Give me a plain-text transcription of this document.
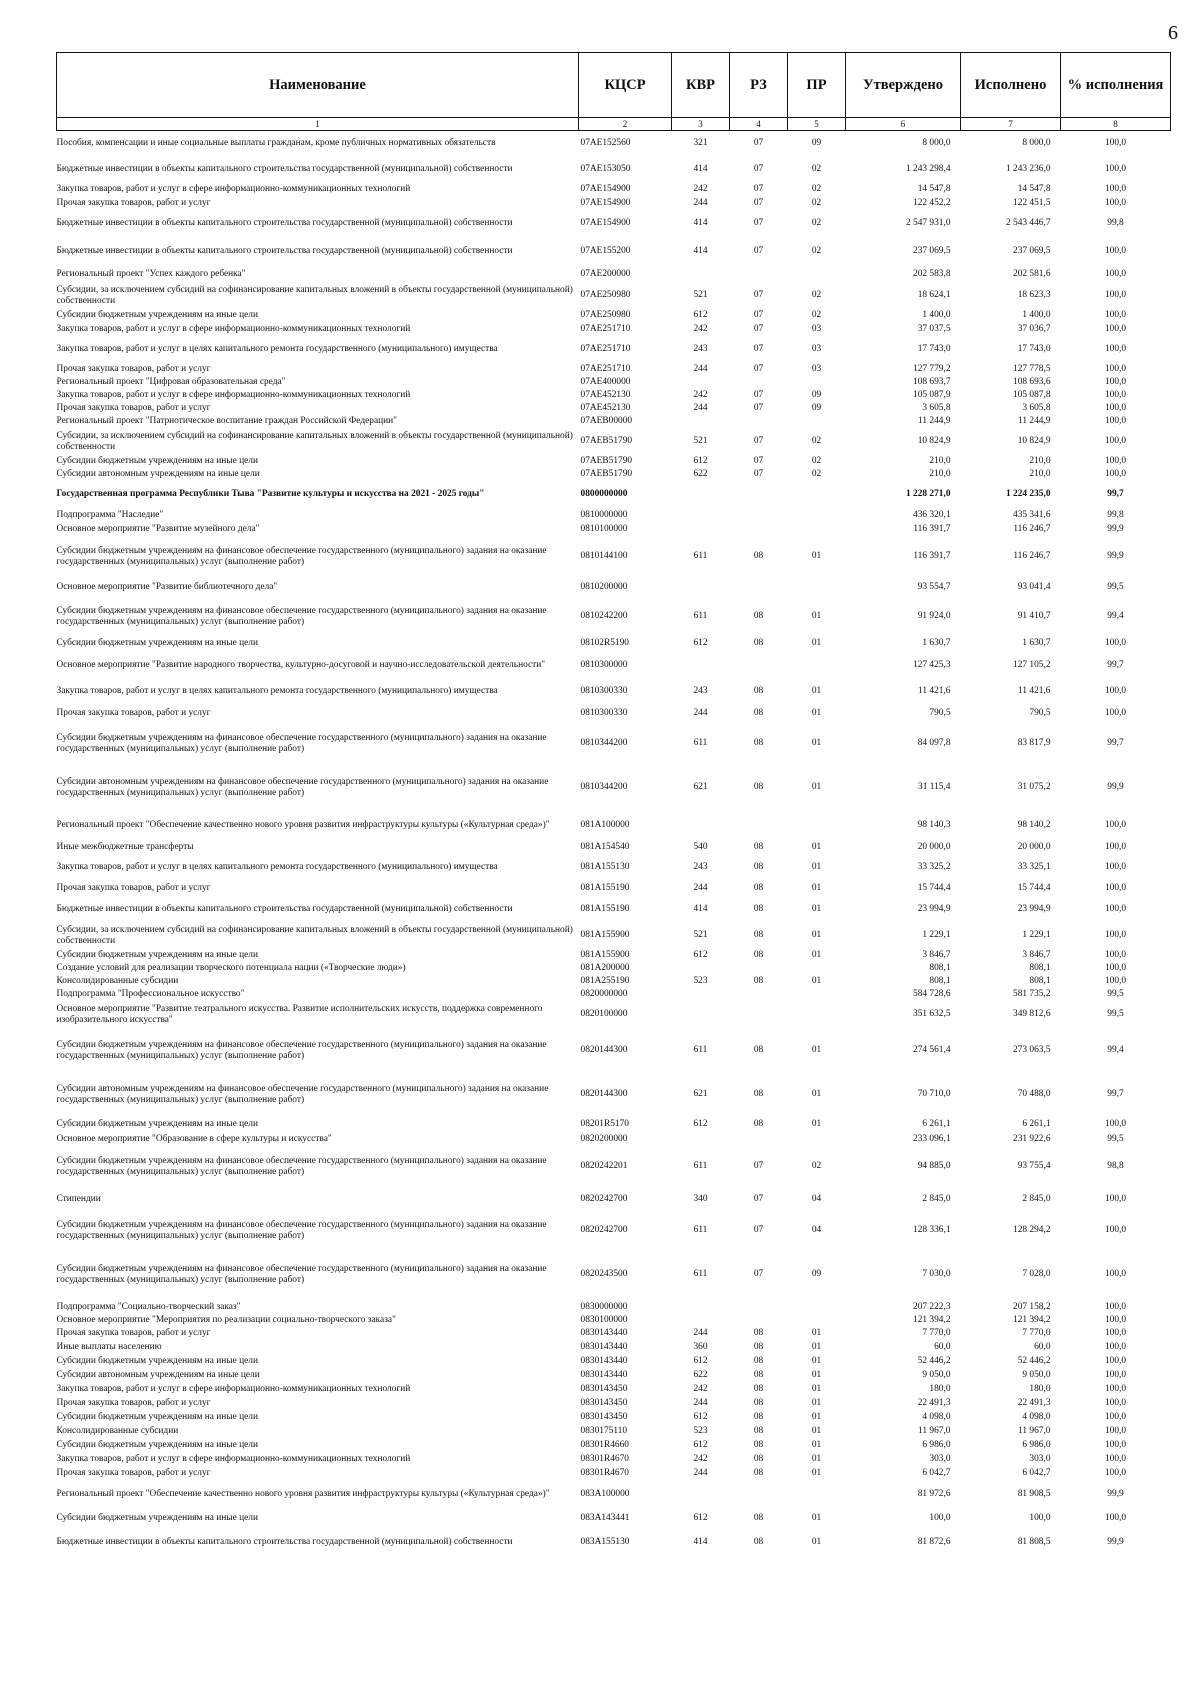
6
Наименование	КЦСР	КВР	РЗ	ПР	Утверждено	Исполнено	% исполнения
1	2	3	4	5	6	7	8
Пособия, компенсации и иные социальные выплаты гражданам, кроме публичных нормативных обязательств	07АЕ152560	321	07	09	8 000,0	8 000,0	100,0
Бюджетные инвестиции в объекты капитального строительства государственной (муниципальной) собственности	07АЕ153050	414	07	02	1 243 298,4	1 243 236,0	100,0
Закупка товаров, работ и услуг в сфере информационно-коммуникационных технологий	07АЕ154900	242	07	02	14 547,8	14 547,8	100,0
Прочая закупка товаров, работ и услуг	07АЕ154900	244	07	02	122 452,2	122 451,5	100,0
Бюджетные инвестиции в объекты капитального строительства государственной (муниципальной) собственности	07АЕ154900	414	07	02	2 547 931,0	2 543 446,7	99,8
Бюджетные инвестиции в объекты капитального строительства государственной (муниципальной) собственности	07АЕ155200	414	07	02	237 069,5	237 069,5	100,0
Региональный проект "Успех каждого ребенка"	07АЕ200000				202 583,8	202 581,6	100,0
Субсидии, за исключением субсидий на софинансирование капитальных вложений в объекты государственной (муниципальной) собственности	07АЕ250980	521	07	02	18 624,1	18 623,3	100,0
Субсидии бюджетным учреждениям на иные цели	07АЕ250980	612	07	02	1 400,0	1 400,0	100,0
Закупка товаров, работ и услуг в сфере информационно-коммуникационных технологий	07АЕ251710	242	07	03	37 037,5	37 036,7	100,0
Закупка товаров, работ и услуг в целях капитального ремонта государственного (муниципального) имущества	07АЕ251710	243	07	03	17 743,0	17 743,0	100,0
Прочая закупка товаров, работ и услуг	07АЕ251710	244	07	03	127 779,2	127 778,5	100,0
Региональный проект "Цифровая образовательная среда"	07АЕ400000				108 693,7	108 693,6	100,0
Закупка товаров, работ и услуг в сфере информационно-коммуникационных технологий	07АЕ452130	242	07	09	105 087,9	105 087,8	100,0
Прочая закупка товаров, работ и услуг	07АЕ452130	244	07	09	3 605,8	3 605,8	100,0
Региональный проект "Патриотическое воспитание граждан Российской Федерации"	07АЕВ00000				11 244,9	11 244,9	100,0
Субсидии, за исключением субсидий на софинансирование капитальных вложений в объекты государственной (муниципальной) собственности	07АЕВ51790	521	07	02	10 824,9	10 824,9	100,0
Субсидии бюджетным учреждениям на иные цели	07АЕВ51790	612	07	02	210,0	210,0	100,0
Субсидии автономным учреждениям на иные цели	07АЕВ51790	622	07	02	210,0	210,0	100,0
Государственная программа Республики Тыва "Развитие культуры и искусства на 2021 - 2025 годы"	0800000000				1 228 271,0	1 224 235,0	99,7
Подпрограмма "Наследие"	0810000000				436 320,1	435 341,6	99,8
Основное мероприятие "Развитие музейного дела"	0810100000				116 391,7	116 246,7	99,9
Субсидии бюджетным учреждениям на финансовое обеспечение государственного (муниципального) задания на оказание государственных (муниципальных) услуг (выполнение работ)	0810144100	611	08	01	116 391,7	116 246,7	99,9
Основное мероприятие "Развитие библиотечного дела"	0810200000				93 554,7	93 041,4	99,5
Субсидии бюджетным учреждениям на финансовое обеспечение государственного (муниципального) задания на оказание государственных (муниципальных) услуг (выполнение работ)	0810242200	611	08	01	91 924,0	91 410,7	99,4
Субсидии бюджетным учреждениям на иные цели	08102R5190	612	08	01	1 630,7	1 630,7	100,0
Основное мероприятие "Развитие народного творчества, культурно-досуговой и научно-исследовательской деятельности"	0810300000				127 425,3	127 105,2	99,7
Закупка товаров, работ и услуг в целях капитального ремонта государственного (муниципального) имущества	0810300330	243	08	01	11 421,6	11 421,6	100,0
Прочая закупка товаров, работ и услуг	0810300330	244	08	01	790,5	790,5	100,0
Субсидии бюджетным учреждениям на финансовое обеспечение государственного (муниципального) задания на оказание государственных (муниципальных) услуг (выполнение работ)	0810344200	611	08	01	84 097,8	83 817,9	99,7
Субсидии автономным учреждениям на финансовое обеспечение государственного (муниципального) задания на оказание государственных (муниципальных) услуг (выполнение работ)	0810344200	621	08	01	31 115,4	31 075,2	99,9
Региональный проект "Обеспечение качественно нового уровня развития инфраструктуры культуры («Культурная среда»)"	081А100000				98 140,3	98 140,2	100,0
Иные межбюджетные трансферты	081А154540	540	08	01	20 000,0	20 000,0	100,0
Закупка товаров, работ и услуг в целях капитального ремонта государственного (муниципального) имущества	081А155130	243	08	01	33 325,2	33 325,1	100,0
Прочая закупка товаров, работ и услуг	081А155190	244	08	01	15 744,4	15 744,4	100,0
Бюджетные инвестиции в объекты капитального строительства государственной (муниципальной) собственности	081А155190	414	08	01	23 994,9	23 994,9	100,0
Субсидии, за исключением субсидий на софинансирование капитальных вложений в объекты государственной (муниципальной) собственности	081А155900	521	08	01	1 229,1	1 229,1	100,0
Субсидии бюджетным учреждениям на иные цели	081А155900	612	08	01	3 846,7	3 846,7	100,0
Создание условий для реализации творческого потенциала нации («Творческие люди»)	081А200000				808,1	808,1	100,0
Консолидированные субсидии	081А255190	523	08	01	808,1	808,1	100,0
Подпрограмма "Профессиональное искусство"	0820000000				584 728,6	581 735,2	99,5
Основное мероприятие "Развитие театрального искусства. Развитие исполнительских искусств, поддержка современного изобразительного искусства"	0820100000				351 632,5	349 812,6	99,5
Субсидии бюджетным учреждениям на финансовое обеспечение государственного (муниципального) задания на оказание государственных (муниципальных) услуг (выполнение работ)	0820144300	611	08	01	274 561,4	273 063,5	99,4
Субсидии автономным учреждениям на финансовое обеспечение государственного (муниципального) задания на оказание государственных (муниципальных) услуг (выполнение работ)	0820144300	621	08	01	70 710,0	70 488,0	99,7
Субсидии бюджетным учреждениям на иные цели	08201R5170	612	08	01	6 261,1	6 261,1	100,0
Основное мероприятие "Образование в сфере культуры и искусства"	0820200000				233 096,1	231 922,6	99,5
Субсидии бюджетным учреждениям на финансовое обеспечение государственного (муниципального) задания на оказание государственных (муниципальных) услуг (выполнение работ)	0820242201	611	07	02	94 885,0	93 755,4	98,8
Стипендии	0820242700	340	07	04	2 845,0	2 845,0	100,0
Субсидии бюджетным учреждениям на финансовое обеспечение государственного (муниципального) задания на оказание государственных (муниципальных) услуг (выполнение работ)	0820242700	611	07	04	128 336,1	128 294,2	100,0
Субсидии бюджетным учреждениям на финансовое обеспечение государственного (муниципального) задания на оказание государственных (муниципальных) услуг (выполнение работ)	0820243500	611	07	09	7 030,0	7 028,0	100,0
Подпрограмма "Социально-творческий заказ"	0830000000				207 222,3	207 158,2	100,0
Основное мероприятие "Мероприятия по реализации социально-творческого заказа"	0830100000				121 394,2	121 394,2	100,0
Прочая закупка товаров, работ и услуг	0830143440	244	08	01	7 770,0	7 770,0	100,0
Иные выплаты населению	0830143440	360	08	01	60,0	60,0	100,0
Субсидии бюджетным учреждениям на иные цели	0830143440	612	08	01	52 446,2	52 446,2	100,0
Субсидии автономным учреждениям на иные цели	0830143440	622	08	01	9 050,0	9 050,0	100,0
Закупка товаров, работ и услуг в сфере информационно-коммуникационных технологий	0830143450	242	08	01	180,0	180,0	100,0
Прочая закупка товаров, работ и услуг	0830143450	244	08	01	22 491,3	22 491,3	100,0
Субсидии бюджетным учреждениям на иные цели	0830143450	612	08	01	4 098,0	4 098,0	100,0
Консолидированные субсидии	0830175110	523	08	01	11 967,0	11 967,0	100,0
Субсидии бюджетным учреждениям на иные цели	08301R4660	612	08	01	6 986,0	6 986,0	100,0
Закупка товаров, работ и услуг в сфере информационно-коммуникационных технологий	08301R4670	242	08	01	303,0	303,0	100,0
Прочая закупка товаров, работ и услуг	08301R4670	244	08	01	6 042,7	6 042,7	100,0
Региональный проект "Обеспечение качественно нового уровня развития инфраструктуры культуры («Культурная среда»)"	083А100000				81 972,6	81 908,5	99,9
Субсидии бюджетным учреждениям на иные цели	083А143441	612	08	01	100,0	100,0	100,0
Бюджетные инвестиции в объекты капитального строительства государственной (муниципальной) собственности	083А155130	414	08	01	81 872,6	81 808,5	99,9
